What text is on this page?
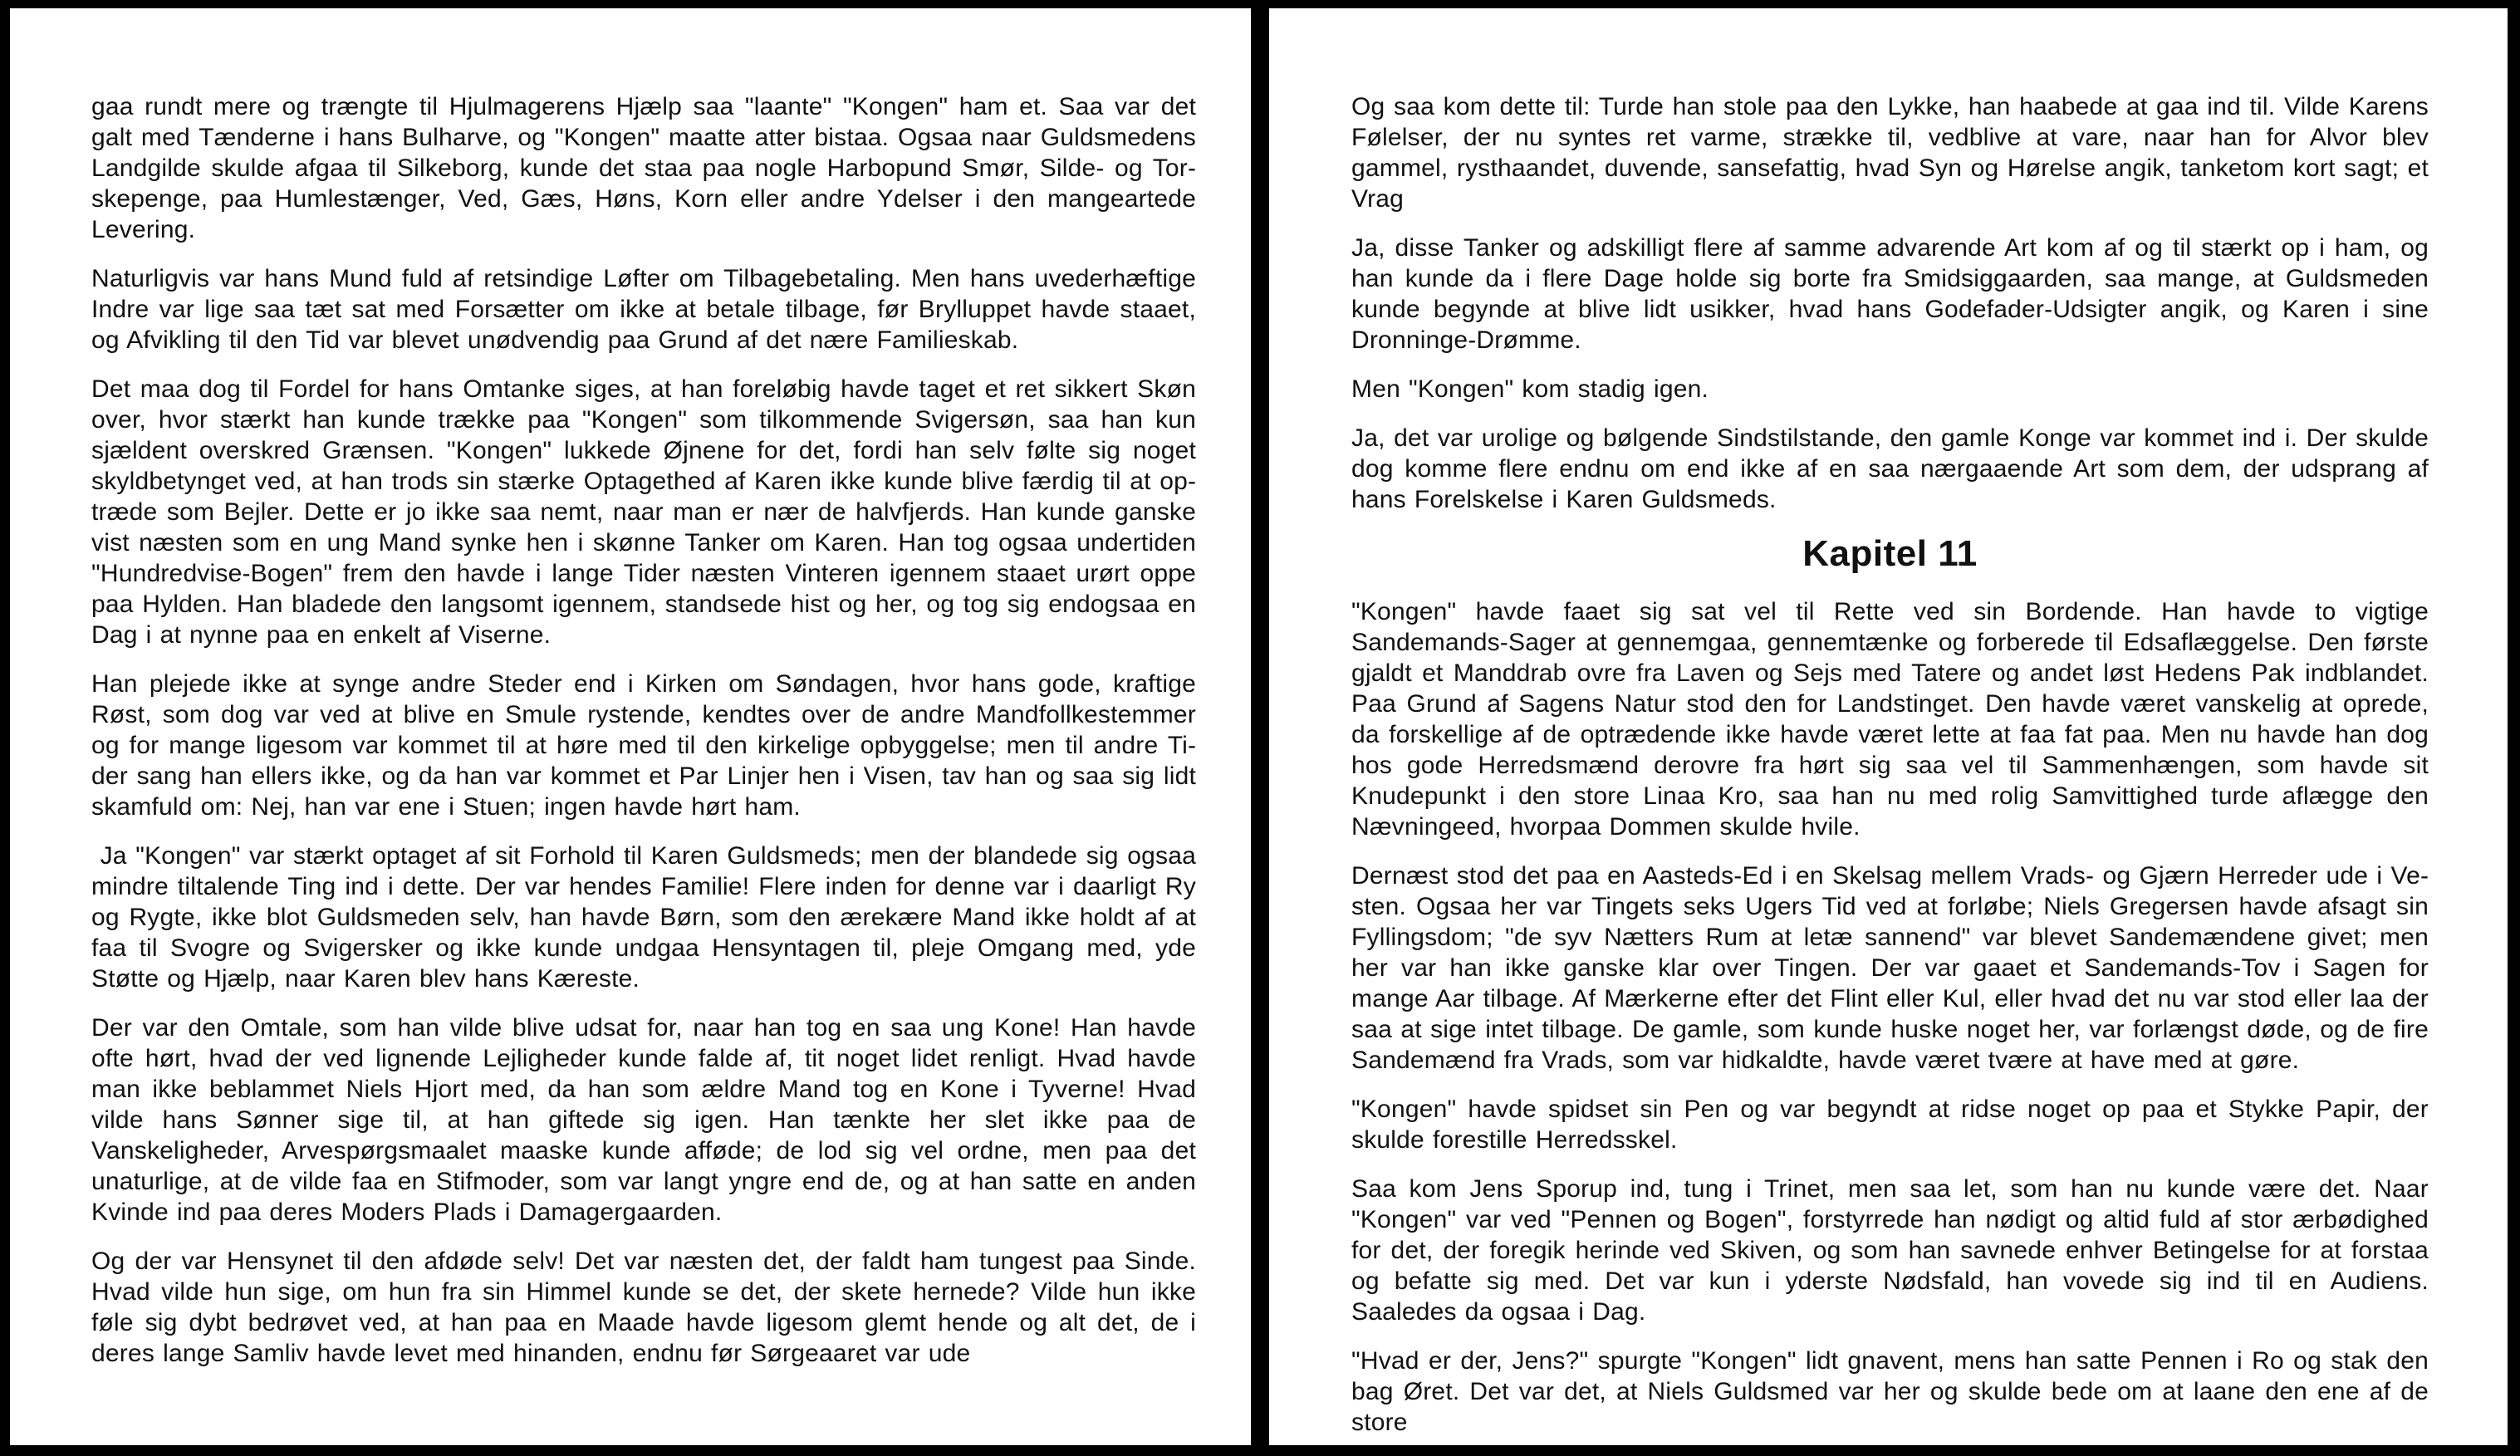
gaa rundt mere og trængte til Hjulmagerens Hjælp saa "laante" "Kongen" ham et. Saa var det galt med Tænderne i hans Bulharve, og "Kongen" maatte atter bistaa. Ogsaa naar Guldsmedens Landgilde skulde afgaa til Silkeborg, kunde det staa paa nogle Harbopund Smør, Silde- og Torskepenge, paa Humlestænger, Ved, Gæs, Høns, Korn eller andre Ydelser i den mangeartede Levering.

Naturligvis var hans Mund fuld af retsindige Løfter om Tilbagebetaling. Men hans uvederhæftige Indre var lige saa tæt sat med Forsætter om ikke at betale tilbage, før Brylluppet havde staaet, og Afvikling til den Tid var blevet unødvendig paa Grund af det nære Familieskab.

Det maa dog til Fordel for hans Omtanke siges, at han foreløbig havde taget et ret sikkert Skøn over, hvor stærkt han kunde trække paa "Kongen" som tilkommende Svigersøn, saa han kun sjældent overskred Grænsen. "Kongen" lukkede Øjnene for det, fordi han selv følte sig noget skyldbetynget ved, at han trods sin stærke Optagethed af Karen ikke kunde blive færdig til at optræde som Bejler. Dette er jo ikke saa nemt, naar man er nær de halvfjerds. Han kunde ganske vist næsten som en ung Mand synke hen i skønne Tanker om Karen. Han tog ogsaa undertiden "Hundredvise-Bogen" frem den havde i lange Tider næsten Vinteren igennem staaet urørt oppe paa Hylden. Han bladede den langsomt igennem, standsede hist og her, og tog sig endogsaa en Dag i at nynne paa en enkelt af Viserne.

Han plejede ikke at synge andre Steder end i Kirken om Søndagen, hvor hans gode, kraftige Røst, som dog var ved at blive en Smule rystende, kendtes over de andre Mandfollkestemmer og for mange ligesom var kommet til at høre med til den kirkelige opbyggelse; men til andre Tider sang han ellers ikke, og da han var kommet et Par Linjer hen i Visen, tav han og saa sig lidt skamfuld om: Nej, han var ene i Stuen; ingen havde hørt ham.

Ja "Kongen" var stærkt optaget af sit Forhold til Karen Guldsmeds; men der blandede sig ogsaa mindre tiltalende Ting ind i dette. Der var hendes Familie! Flere inden for denne var i daarligt Ry og Rygte, ikke blot Guldsmeden selv, han havde Børn, som den ærekære Mand ikke holdt af at faa til Svogre og Svigersker og ikke kunde undgaa Hensyntagen til, pleje Omgang med, yde Støtte og Hjælp, naar Karen blev hans Kæreste.

Der var den Omtale, som han vilde blive udsat for, naar han tog en saa ung Kone! Han havde ofte hørt, hvad der ved lignende Lejligheder kunde falde af, tit noget lidet renligt. Hvad havde man ikke beblammet Niels Hjort med, da han som ældre Mand tog en Kone i Tyverne! Hvad vilde hans Sønner sige til, at han giftede sig igen. Han tænkte her slet ikke paa de Vanskeligheder, Arvespørgsmaalet maaske kunde afføde; de lod sig vel ordne, men paa det unaturlige, at de vilde faa en Stifmoder, som var langt yngre end de, og at han satte en anden Kvinde ind paa deres Moders Plads i Damagergaarden.

Og der var Hensynet til den afdøde selv! Det var næsten det, der faldt ham tungest paa Sinde. Hvad vilde hun sige, om hun fra sin Himmel kunde se det, der skete hernede? Vilde hun ikke føle sig dybt bedrøvet ved, at han paa en Maade havde ligesom glemt hende og alt det, de i deres lange Samliv havde levet med hinanden, endnu før Sørgeaaret var ude

Og saa kom dette til: Turde han stole paa den Lykke, han haabede at gaa ind til. Vilde Karens Følelser, der nu syntes ret varme, strække til, vedblive at vare, naar han for Alvor blev gammel, rysthaandet, duvende, sansefattig, hvad Syn og Hørelse angik, tanketom kort sagt; et Vrag

Ja, disse Tanker og adskilligt flere af samme advarende Art kom af og til stærkt op i ham, og han kunde da i flere Dage holde sig borte fra Smidsiggaarden, saa mange, at Guldsmeden kunde begynde at blive lidt usikker, hvad hans Godefader-Udsigter angik, og Karen i sine Dronninge-Drømme.

Men "Kongen" kom stadig igen.

Ja, det var urolige og bølgende Sindstilstande, den gamle Konge var kommet ind i. Der skulde dog komme flere endnu om end ikke af en saa nærgaaende Art som dem, der udsprang af hans Forelskelse i Karen Guldsmeds.

Kapitel 11

"Kongen" havde faaet sig sat vel til Rette ved sin Bordende. Han havde to vigtige Sandemands-Sager at gennemgaa, gennemtænke og forberede til Edsaflæggelse. Den første gjaldt et Manddrab ovre fra Laven og Sejs med Tatere og andet løst Hedens Pak indblandet. Paa Grund af Sagens Natur stod den for Landstinget. Den havde været vanskelig at oprede, da forskellige af de optrædende ikke havde været lette at faa fat paa. Men nu havde han dog hos gode Herredsmænd derovre fra hørt sig saa vel til Sammenhængen, som havde sit Knudepunkt i den store Linaa Kro, saa han nu med rolig Samvittighed turde aflægge den Nævningeed, hvorpaa Dommen skulde hvile.

Dernæst stod det paa en Aasteds-Ed i en Skelsag mellem Vrads- og Gjærn Herreder ude i Vesten. Ogsaa her var Tingets seks Ugers Tid ved at forløbe; Niels Gregersen havde afsagt sin Fyllingsdom; "de syv Nætters Rum at letæ sannend" var blevet Sandemændene givet; men her var han ikke ganske klar over Tingen. Der var gaaet et Sandemands-Tov i Sagen for mange Aar tilbage. Af Mærkerne efter det Flint eller Kul, eller hvad det nu var stod eller laa der saa at sige intet tilbage. De gamle, som kunde huske noget her, var forlængst døde, og de fire Sandemænd fra Vrads, som var hidkaldte, havde været tvære at have med at gøre.

"Kongen" havde spidset sin Pen og var begyndt at ridse noget op paa et Stykke Papir, der skulde forestille Herredsskel.

Saa kom Jens Sporup ind, tung i Trinet, men saa let, som han nu kunde være det. Naar "Kongen" var ved "Pennen og Bogen", forstyrrede han nødigt og altid fuld af stor ærbødighed for det, der foregik herinde ved Skiven, og som han savnede enhver Betingelse for at forstaa og befatte sig med. Det var kun i yderste Nødsfald, han vovede sig ind til en Audiens. Saaledes da ogsaa i Dag.

"Hvad er der, Jens?" spurgte "Kongen" lidt gnavent, mens han satte Pennen i Ro og stak den bag Øret. Det var det, at Niels Guldsmed var her og skulde bede om at laane den ene af de store
